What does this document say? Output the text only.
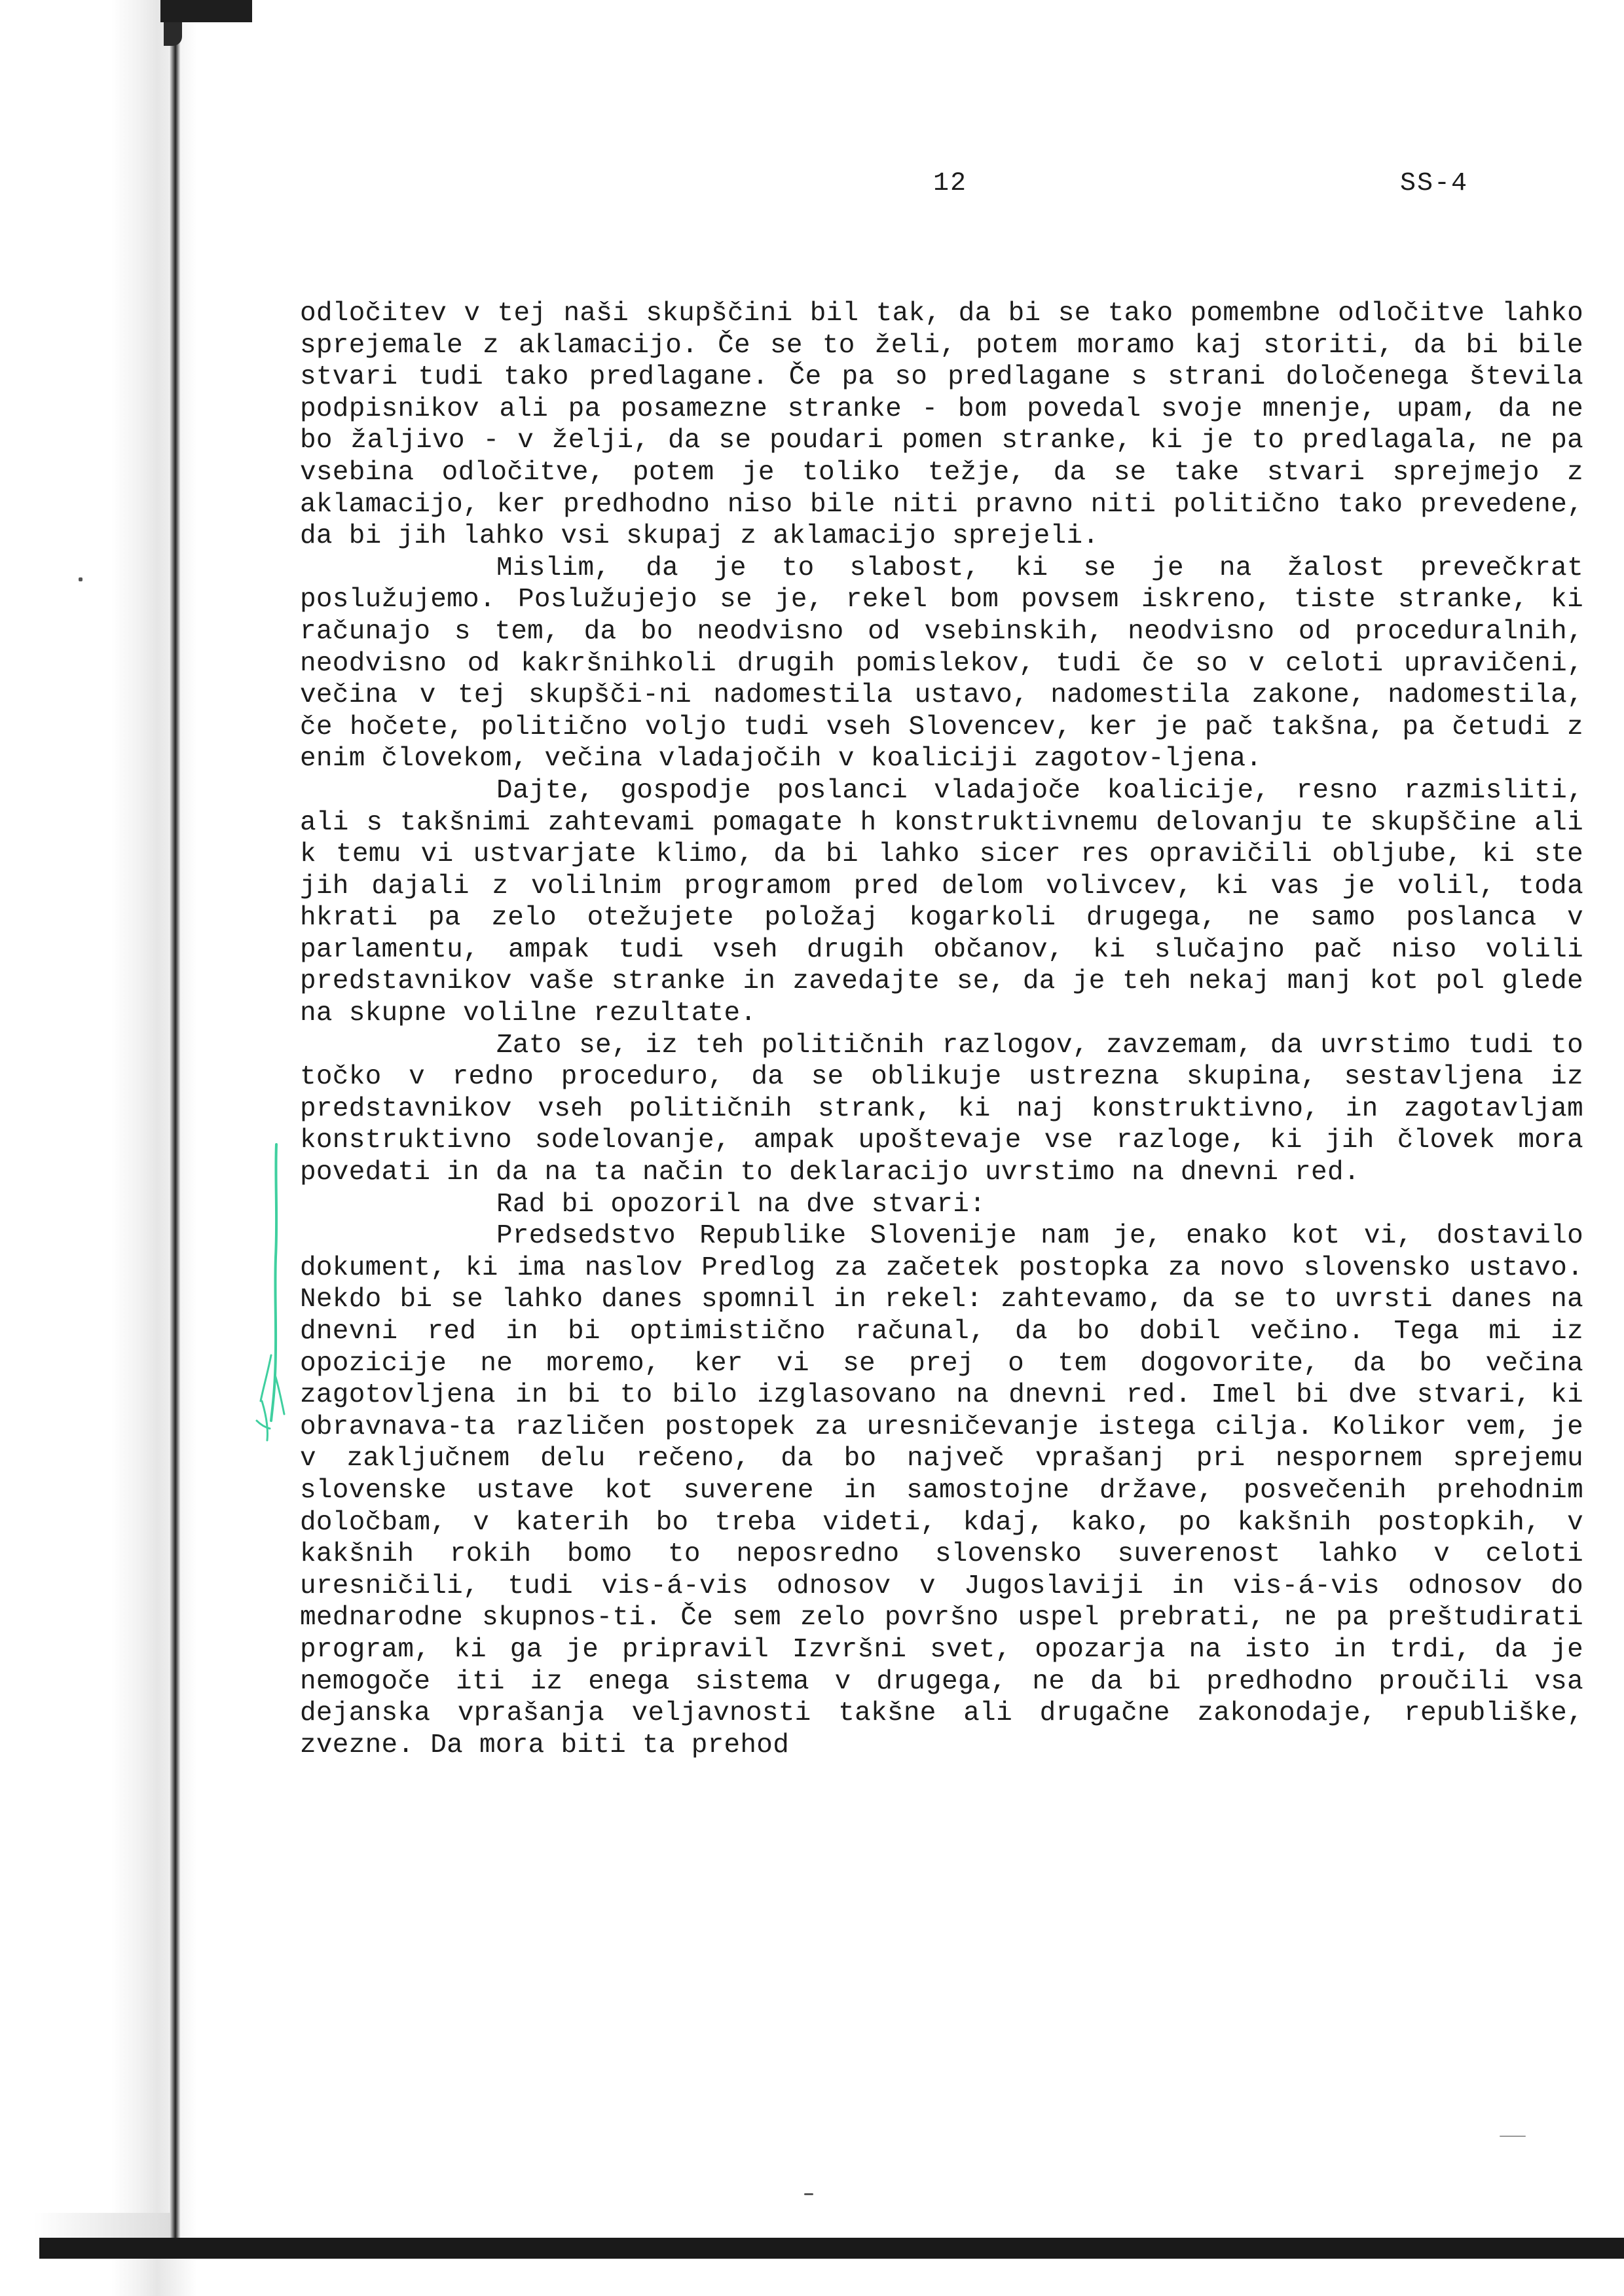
12	SS-4

odločitev v tej naši skupščini bil tak, da bi se tako pomembne odločitve lahko sprejemale z aklamacijo. Če se to želi, potem moramo kaj storiti, da bi bile stvari tudi tako predlagane. Če pa so predlagane s strani določenega števila podpisnikov ali pa posamezne stranke - bom povedal svoje mnenje, upam, da ne bo žaljivo - v želji, da se poudari pomen stranke, ki je to predlagala, ne pa vsebina odločitve, potem je toliko težje, da se take stvari sprejmejo z aklamacijo, ker predhodno niso bile niti pravno niti politično tako prevedene, da bi jih lahko vsi skupaj z aklamacijo sprejeli.

Mislim, da je to slabost, ki se je na žalost prevečkrat poslužujemo. Poslužujejo se je, rekel bom povsem iskreno, tiste stranke, ki računajo s tem, da bo neodvisno od vsebinskih, neodvisno od proceduralnih, neodvisno od kakršnihkoli drugih pomislekov, tudi če so v celoti upravičeni, večina v tej skupšči-ni nadomestila ustavo, nadomestila zakone, nadomestila, če hočete, politično voljo tudi vseh Slovencev, ker je pač takšna, pa četudi z enim človekom, večina vladajočih v koaliciji zagotov-ljena.

Dajte, gospodje poslanci vladajoče koalicije, resno razmisliti, ali s takšnimi zahtevami pomagate h konstruktivnemu delovanju te skupščine ali k temu vi ustvarjate klimo, da bi lahko sicer res opravičili obljube, ki ste jih dajali z volilnim programom pred delom volivcev, ki vas je volil, toda hkrati pa zelo otežujete položaj kogarkoli drugega, ne samo poslanca v parlamentu, ampak tudi vseh drugih občanov, ki slučajno pač niso volili predstavnikov vaše stranke in zavedajte se, da je teh nekaj manj kot pol glede na skupne volilne rezultate.

Zato se, iz teh političnih razlogov, zavzemam, da uvrstimo tudi to točko v redno proceduro, da se oblikuje ustrezna skupina, sestavljena iz predstavnikov vseh političnih strank, ki naj konstruktivno, in zagotavljam konstruktivno sodelovanje, ampak upoštevaje vse razloge, ki jih človek mora povedati in da na ta način to deklaracijo uvrstimo na dnevni red.

Rad bi opozoril na dve stvari:

Predsedstvo Republike Slovenije nam je, enako kot vi, dostavilo dokument, ki ima naslov Predlog za začetek postopka za novo slovensko ustavo. Nekdo bi se lahko danes spomnil in rekel: zahtevamo, da se to uvrsti danes na dnevni red in bi optimistično računal, da bo dobil večino. Tega mi iz opozicije ne moremo, ker vi se prej o tem dogovorite, da bo večina zagotovljena in bi to bilo izglasovano na dnevni red. Imel bi dve stvari, ki obravnava-ta različen postopek za uresničevanje istega cilja. Kolikor vem, je v zaključnem delu rečeno, da bo največ vprašanj pri nespornem sprejemu slovenske ustave kot suverene in samostojne države, posvečenih prehodnim določbam, v katerih bo treba videti, kdaj, kako, po kakšnih postopkih, v kakšnih rokih bomo to neposredno slovensko suverenost lahko v celoti uresničili, tudi vis-á-vis odnosov v Jugoslaviji in vis-á-vis odnosov do mednarodne skupnos-ti. Če sem zelo površno uspel prebrati, ne pa preštudirati program, ki ga je pripravil Izvršni svet, opozarja na isto in trdi, da je nemogoče iti iz enega sistema v drugega, ne da bi predhodno proučili vsa dejanska vprašanja veljavnosti takšne ali drugačne zakonodaje, republiške, zvezne. Da mora biti ta prehod
